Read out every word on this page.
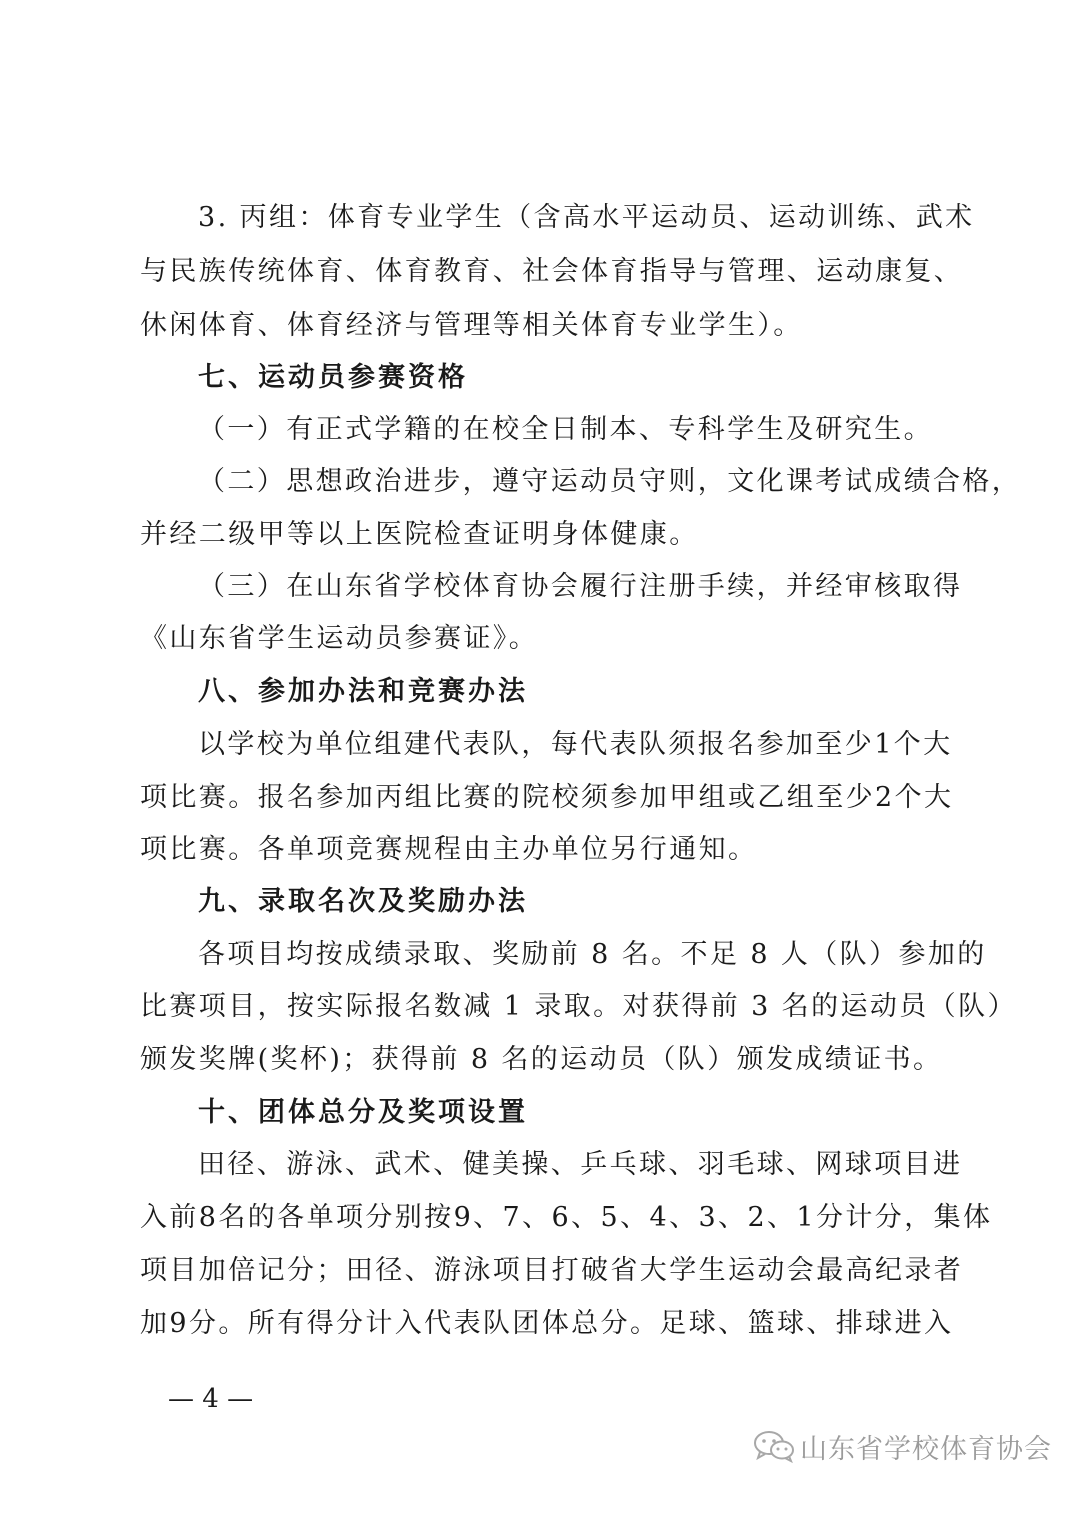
3. 丙组：体育专业学生（含高水平运动员、运动训练、武术
与民族传统体育、体育教育、社会体育指导与管理、运动康复、
休闲体育、体育经济与管理等相关体育专业学生）。
七、运动员参赛资格
（一）有正式学籍的在校全日制本、专科学生及研究生。
（二）思想政治进步，遵守运动员守则，文化课考试成绩合格，
并经二级甲等以上医院检查证明身体健康。
（三）在山东省学校体育协会履行注册手续，并经审核取得
《山东省学生运动员参赛证》。
八、参加办法和竞赛办法
以学校为单位组建代表队，每代表队须报名参加至少1个大
项比赛。报名参加丙组比赛的院校须参加甲组或乙组至少2个大
项比赛。各单项竞赛规程由主办单位另行通知。
九、录取名次及奖励办法
各项目均按成绩录取、奖励前 8 名。不足 8 人（队）参加的
比赛项目，按实际报名数减 1 录取。对获得前 3 名的运动员（队）
颁发奖牌(奖杯)；获得前 8 名的运动员（队）颁发成绩证书。
十、团体总分及奖项设置
田径、游泳、武术、健美操、乒乓球、羽毛球、网球项目进
入前8名的各单项分别按9、7、6、5、4、3、2、1分计分，集体
项目加倍记分；田径、游泳项目打破省大学生运动会最高纪录者
加9分。所有得分计入代表队团体总分。足球、篮球、排球进入
— 4 —
山东省学校体育协会
